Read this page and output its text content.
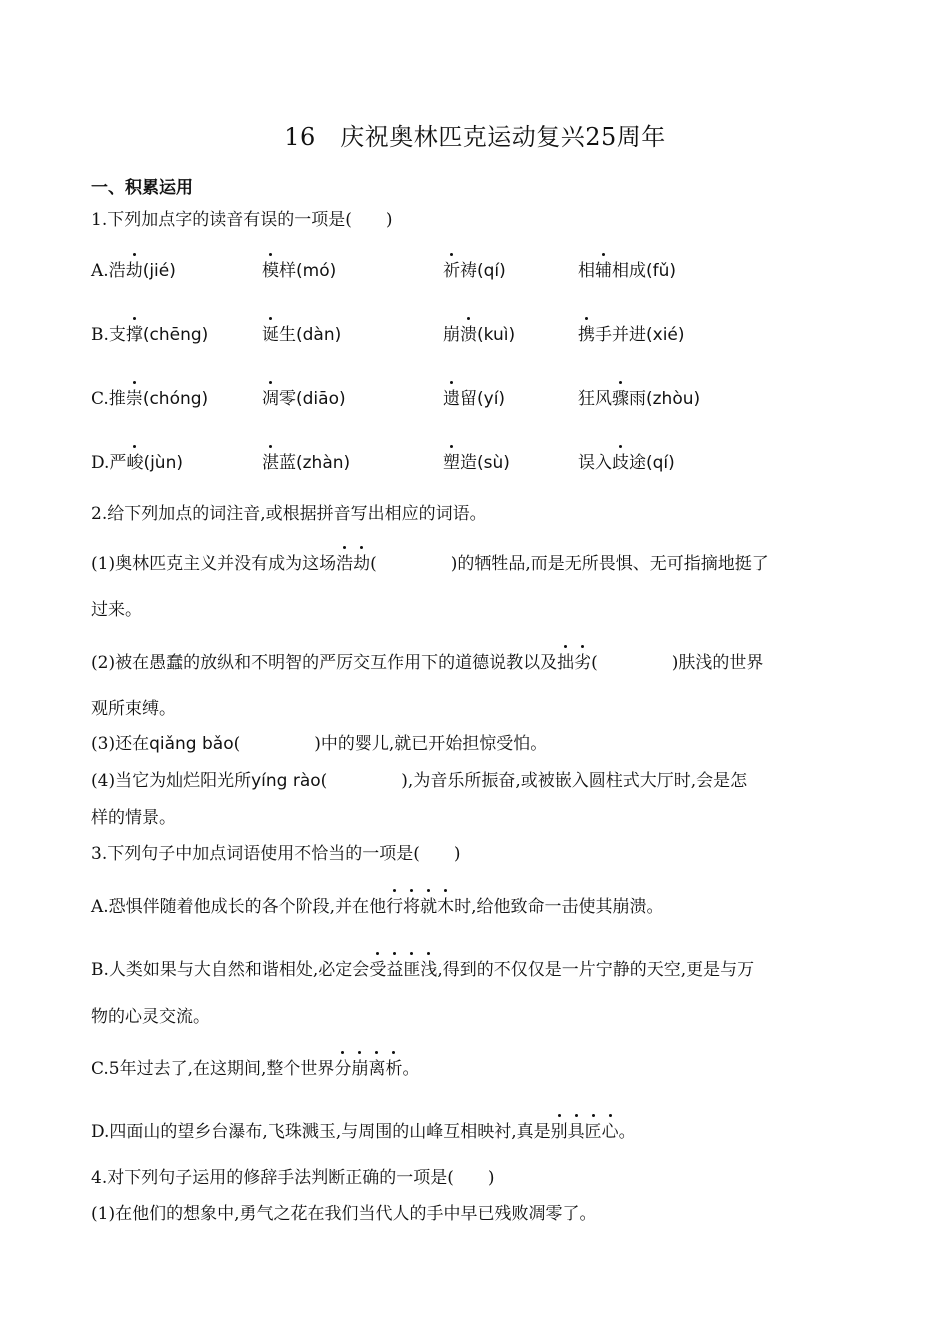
16　庆祝奥林匹克运动复兴25周年
一、积累运用
1.下列加点字的读音有误的一项是(　　)
A.浩劫(jié)	模样(mó)	祈祷(qí)	相辅相成(fǔ)
B.支撑(chēng)	诞生(dàn)	崩溃(kuì)	携手并进(xié)
C.推崇(chóng)	凋零(diāo)	遗留(yí)	狂风骤雨(zhòu)
D.严峻(jùn)	湛蓝(zhàn)	塑造(sù)	误入歧途(qí)
2.给下列加点的词注音,或根据拼音写出相应的词语。
(1)奥林匹克主义并没有成为这场浩劫(	)的牺牲品,而是无所畏惧、无可指摘地挺了
过来。
(2)被在愚蠢的放纵和不明智的严厉交互作用下的道德说教以及拙劣(	)肤浅的世界
观所束缚。
(3)还在qiǎng bǎo(	)中的婴儿,就已开始担惊受怕。
(4)当它为灿烂阳光所yíng rào(	),为音乐所振奋,或被嵌入圆柱式大厅时,会是怎
样的情景。
3.下列句子中加点词语使用不恰当的一项是(　　)
A.恐惧伴随着他成长的各个阶段,并在他行将就木时,给他致命一击使其崩溃。
B.人类如果与大自然和谐相处,必定会受益匪浅,得到的不仅仅是一片宁静的天空,更是与万
物的心灵交流。
C.5年过去了,在这期间,整个世界分崩离析。
D.四面山的望乡台瀑布,飞珠溅玉,与周围的山峰互相映衬,真是别具匠心。
4.对下列句子运用的修辞手法判断正确的一项是(　　)
(1)在他们的想象中,勇气之花在我们当代人的手中早已残败凋零了。
